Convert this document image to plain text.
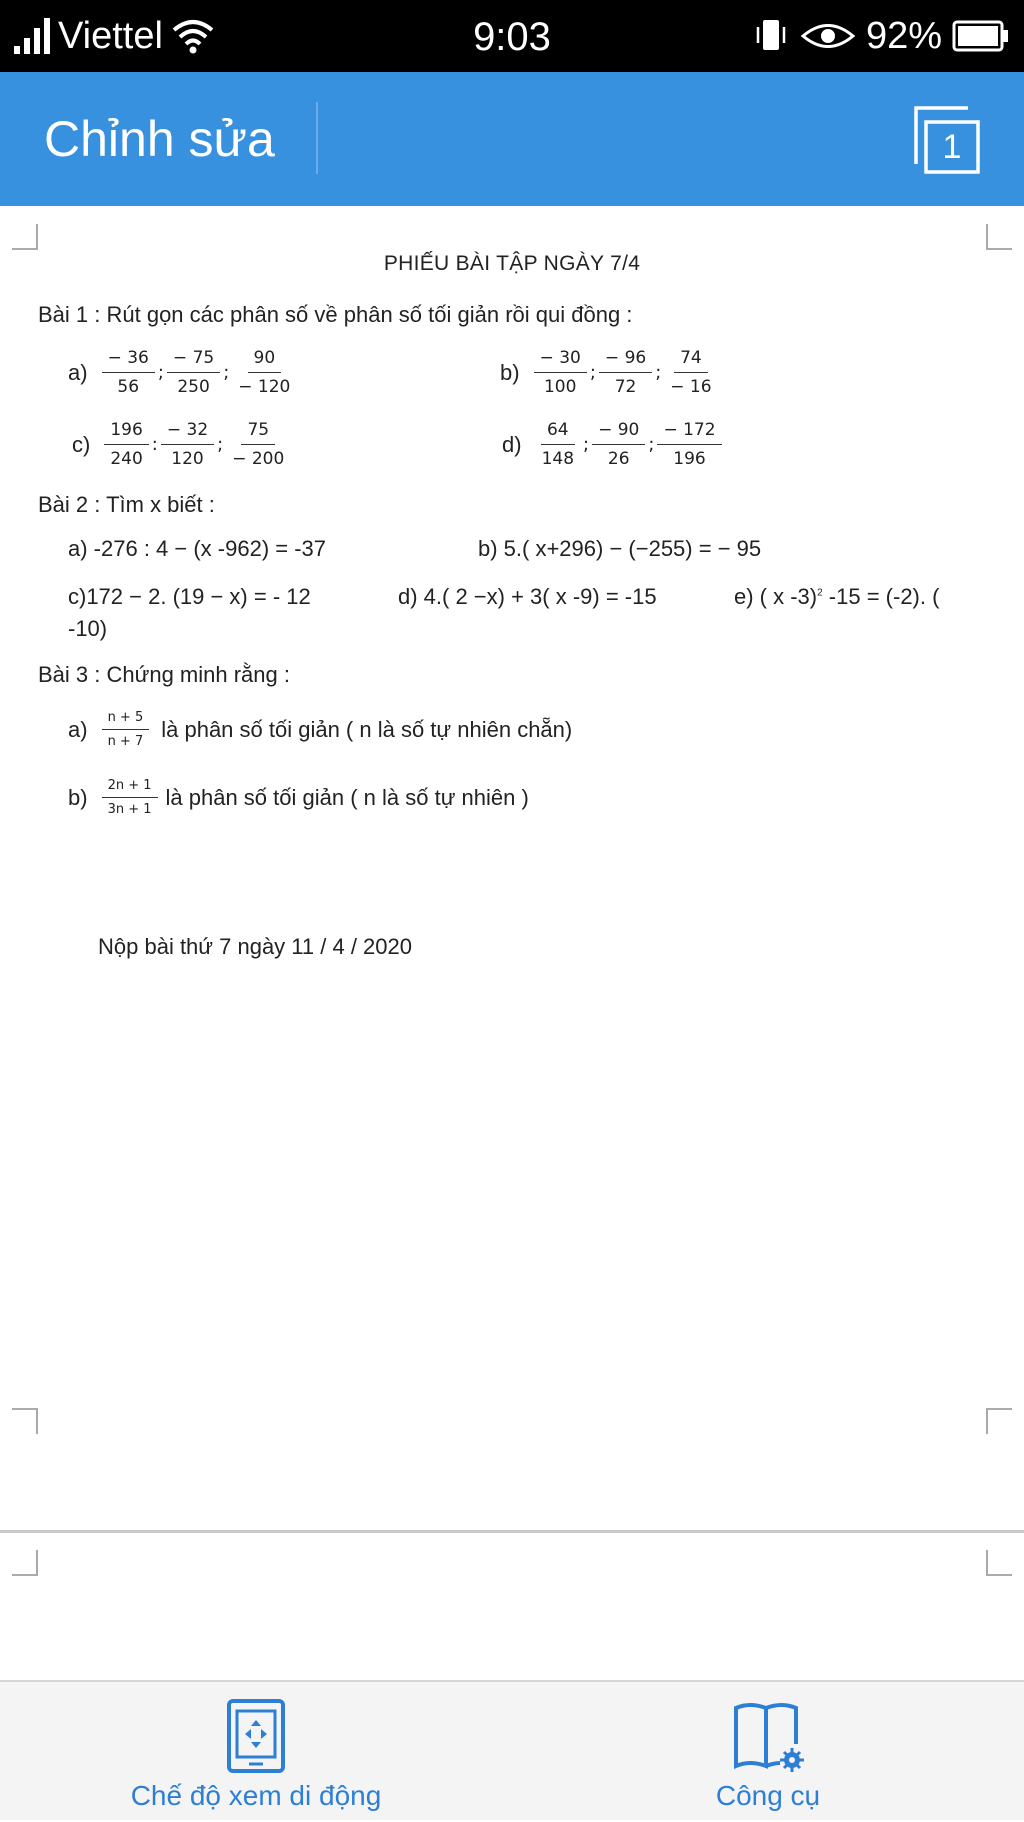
Viettel	9:03	92%
Chỉnh sửa	1
PHIẾU BÀI TẬP NGÀY 7/4
Bài 1 : Rút gọn các phân số về phân số tối giản rồi qui đồng :
$a) \frac{- 36}{56}$ ; $\frac{- 75}{250}$ ; $\frac{90}{- 120}$	$b) \frac{- 30}{100}$ ; $\frac{- 96}{72}$ ; $\frac{74}{- 16}$
$c) \frac{196}{240}$ : $\frac{- 32}{120}$ ; $\frac{75}{- 200}$	$d) \frac{64}{148}$ ; $\frac{- 90}{26}$ ; $\frac{- 172}{196}$
Bài 2 : Tìm x biết :
a) -276 : 4 − (x -962) = -37	b) 5.( x+296) − (−255) = − 95
c)172 − 2. (19 − x) = - 12	d) 4.( 2 −x) + 3( x -9) = -15	e) ( x -3)$^2$ -15 = (-2). (
-10)
Bài 3 : Chứng minh rằng :
$a) \frac{n + 5}{n + 7}$ là phân số tối giản ( n là số tự nhiên chẵn)
$b) \frac{2n + 1}{3n + 1}$ là phân số tối giản ( n là số tự nhiên )
Nộp bài thứ 7 ngày 11 / 4 / 2020
Chế độ xem di động	Công cụ
